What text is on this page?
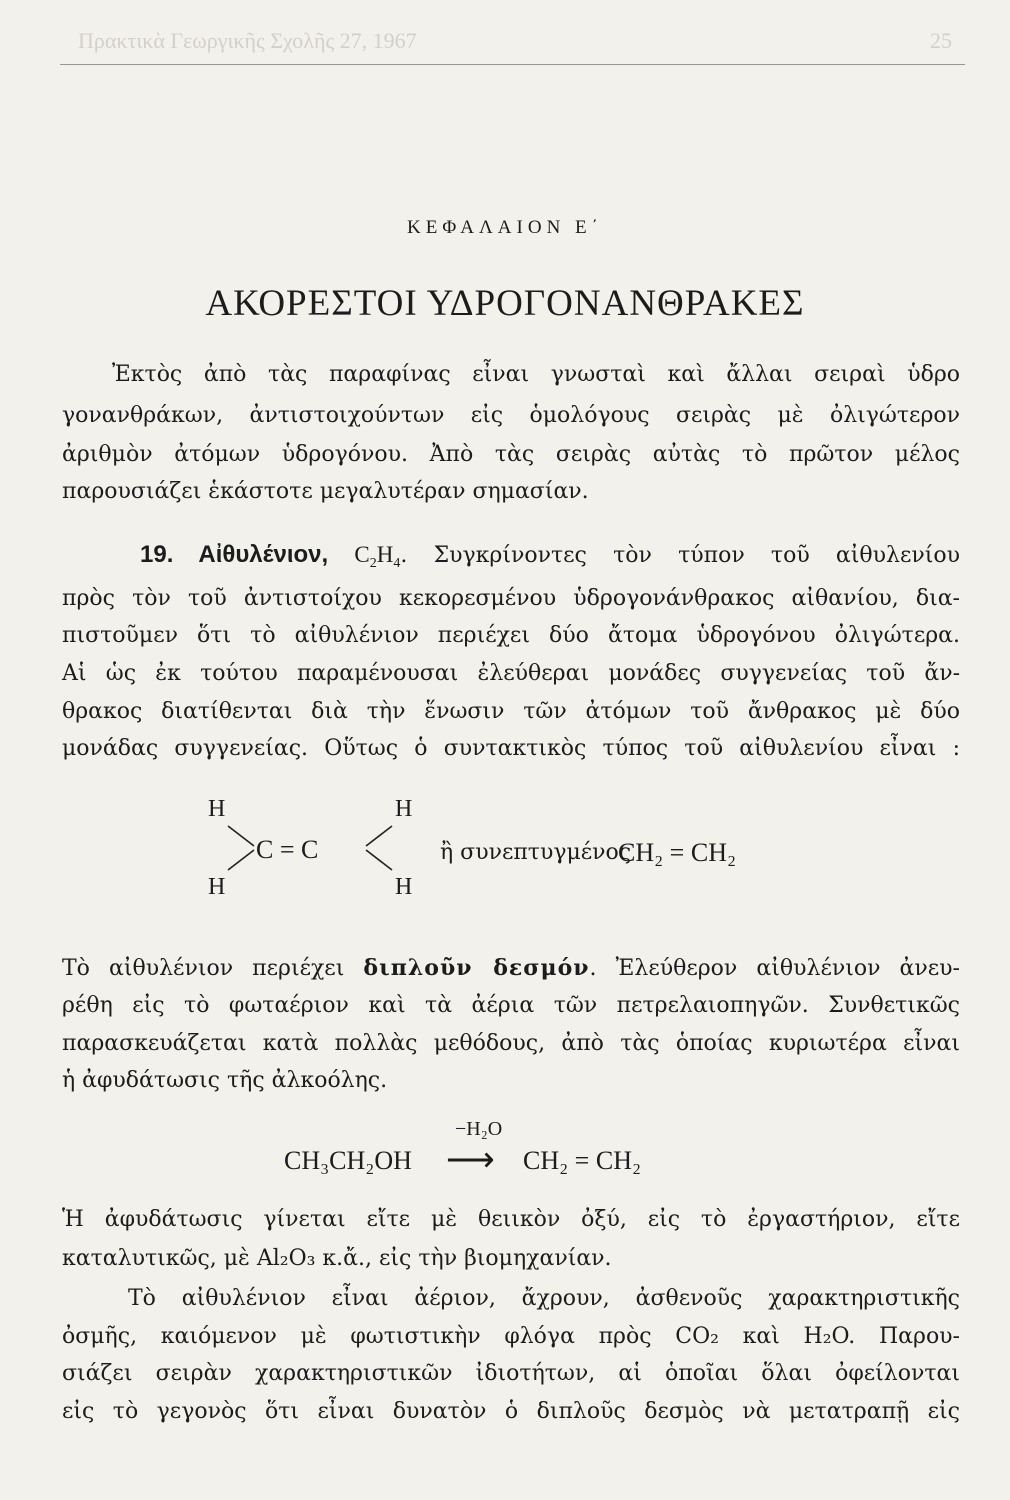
Πρακτικὰ Γεωργικῆς Σχολῆς 27, 1967	25
ΚΕΦΑΛΑΙΟΝ Ε΄
ΑΚΟΡΕΣΤΟΙ ΥΔΡΟΓΟΝΑΝΘΡΑΚΕΣ
Ἐκτὸς ἀπὸ τὰς παραφίνας εἶναι γνωσταὶ καὶ ἄλλαι σειραὶ ὑδρο
γονανθράκων, ἀντιστοιχούντων εἰς ὁμολόγους σειρὰς μὲ ὀλιγώτερον
ἀριθμὸν ἀτόμων ὑδρογόνου. Ἀπὸ τὰς σειρὰς αὐτὰς τὸ πρῶτον μέλος
παρουσιάζει ἑκάστοτε μεγαλυτέραν σημασίαν.
19. Αἰθυλένιον, $C_2H_4$. Συγκρίνοντες τὸν τύπον τοῦ αἰθυλενίου
πρὸς τὸν τοῦ ἀντιστοίχου κεκορεσμένου ὑδρογονάνθρακος αἰθανίου, δια-
πιστοῦμεν ὅτι τὸ αἰθυλένιον περιέχει δύο ἄτομα ὑδρογόνου ὀλιγώτερα.
Αἱ ὡς ἐκ τούτου παραμένουσαι ἐλεύθεραι μονάδες συγγενείας τοῦ ἄν-
θρακος διατίθενται διὰ τὴν ἕνωσιν τῶν ἀτόμων τοῦ ἄνθρακος μὲ δύο
μονάδας συγγενείας. Οὕτως ὁ συντακτικὸς τύπος τοῦ αἰθυλενίου εἶναι :
H	H
H	H
C = C	ἢ συνεπτυγμένος
CH₂ = CH₂
Τὸ αἰθυλένιον περιέχει διπλοῦν δεσμόν. Ἐλεύθερον αἰθυλένιον ἀνευ-
ρέθη εἰς τὸ φωταέριον καὶ τὰ ἀέρια τῶν πετρελαιοπηγῶν. Συνθετικῶς
παρασκευάζεται κατὰ πολλὰς μεθόδους, ἀπὸ τὰς ὁποίας κυριωτέρα εἶναι
ἡ ἀφυδάτωσις τῆς ἀλκοόλης.
CH₃CH₂OH
−H₂O
⟶ CH₂ = CH₂
Ἡ ἀφυδάτωσις γίνεται εἴτε μὲ θειικὸν ὀξύ, εἰς τὸ ἐργαστήριον, εἴτε
καταλυτικῶς, μὲ Al₂O₃ κ.ἄ., εἰς τὴν βιομηχανίαν.
Τὸ αἰθυλένιον εἶναι ἀέριον, ἄχρουν, ἀσθενοῦς χαρακτηριστικῆς
ὀσμῆς, καιόμενον μὲ φωτιστικὴν φλόγα πρὸς CO₂ καὶ H₂O. Παρου-
σιάζει σειρὰν χαρακτηριστικῶν ἰδιοτήτων, αἱ ὁποῖαι ὅλαι ὀφείλονται
εἰς τὸ γεγονὸς ὅτι εἶναι δυνατὸν ὁ διπλοῦς δεσμὸς νὰ μετατραπῇ εἰς
